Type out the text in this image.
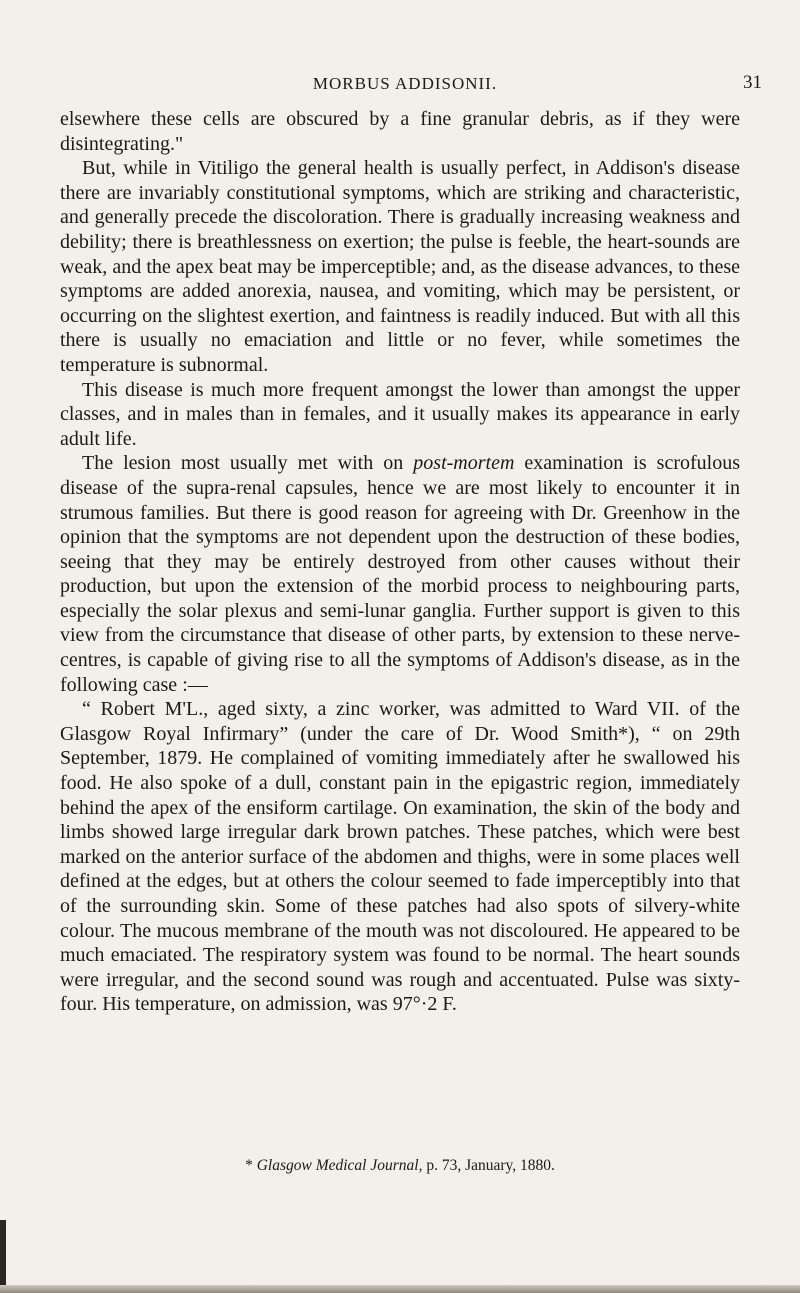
MORBUS ADDISONII.	31

elsewhere these cells are obscured by a fine granular debris, as if they were disintegrating."

But, while in Vitiligo the general health is usually perfect, in Addison's disease there are invariably constitutional symptoms, which are striking and characteristic, and generally precede the discoloration. There is gradually increasing weakness and debility; there is breathlessness on exertion; the pulse is feeble, the heart-sounds are weak, and the apex beat may be imperceptible; and, as the disease advances, to these symptoms are added anorexia, nausea, and vomiting, which may be persistent, or occurring on the slightest exertion, and faintness is readily induced. But with all this there is usually no emaciation and little or no fever, while sometimes the temperature is subnormal.

This disease is much more frequent amongst the lower than amongst the upper classes, and in males than in females, and it usually makes its appearance in early adult life.

The lesion most usually met with on post-mortem examination is scrofulous disease of the supra-renal capsules, hence we are most likely to encounter it in strumous families. But there is good reason for agreeing with Dr. Greenhow in the opinion that the symptoms are not dependent upon the destruction of these bodies, seeing that they may be entirely destroyed from other causes without their production, but upon the extension of the morbid process to neighbouring parts, especially the solar plexus and semi-lunar ganglia. Further support is given to this view from the circumstance that disease of other parts, by extension to these nerve-centres, is capable of giving rise to all the symptoms of Addison's disease, as in the following case :—

“ Robert M'L., aged sixty, a zinc worker, was admitted to Ward VII. of the Glasgow Royal Infirmary” (under the care of Dr. Wood Smith*), “ on 29th September, 1879. He complained of vomiting immediately after he swallowed his food. He also spoke of a dull, constant pain in the epigastric region, immediately behind the apex of the ensiform cartilage. On examination, the skin of the body and limbs showed large irregular dark brown patches. These patches, which were best marked on the anterior surface of the abdomen and thighs, were in some places well defined at the edges, but at others the colour seemed to fade imperceptibly into that of the surrounding skin. Some of these patches had also spots of silvery-white colour. The mucous membrane of the mouth was not discoloured. He appeared to be much emaciated. The respiratory system was found to be normal. The heart sounds were irregular, and the second sound was rough and accentuated. Pulse was sixty-four. His temperature, on admission, was 97°·2 F.

* Glasgow Medical Journal, p. 73, January, 1880.
